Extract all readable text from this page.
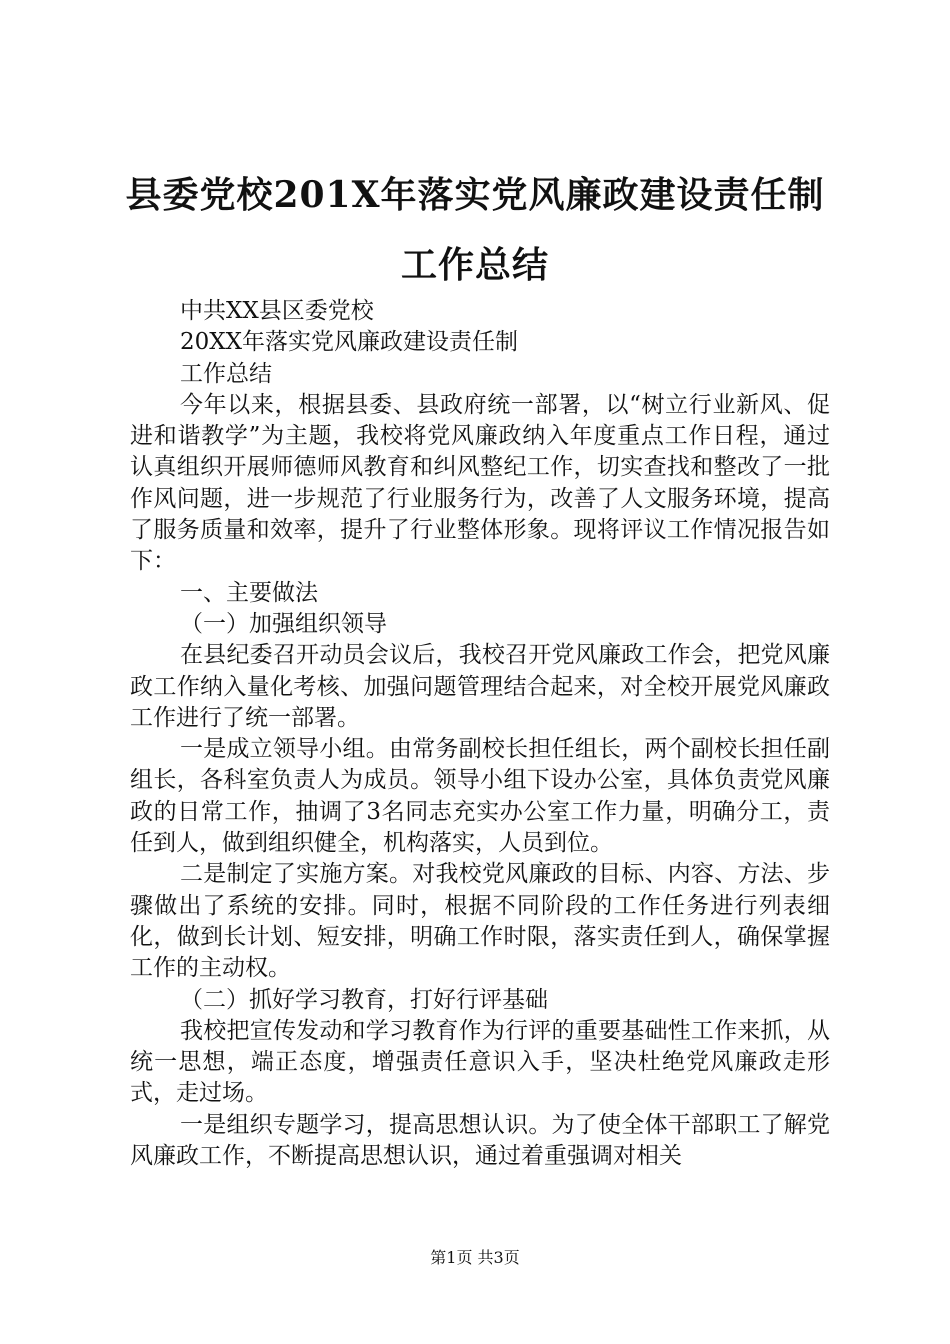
县委党校201X年落实党风廉政建设责任制工作总结

中共XX县区委党校

20XX年落实党风廉政建设责任制

工作总结

今年以来，根据县委、县政府统一部署，以“树立行业新风、促进和谐教学”为主题，我校将党风廉政纳入年度重点工作日程，通过认真组织开展师德师风教育和纠风整纪工作，切实查找和整改了一批作风问题，进一步规范了行业服务行为，改善了人文服务环境，提高了服务质量和效率，提升了行业整体形象。现将评议工作情况报告如下：

一、主要做法

（一）加强组织领导

在县纪委召开动员会议后，我校召开党风廉政工作会，把党风廉政工作纳入量化考核、加强问题管理结合起来，对全校开展党风廉政工作进行了统一部署。

一是成立领导小组。由常务副校长担任组长，两个副校长担任副组长，各科室负责人为成员。领导小组下设办公室，具体负责党风廉政的日常工作，抽调了3名同志充实办公室工作力量，明确分工，责任到人，做到组织健全，机构落实，人员到位。

二是制定了实施方案。对我校党风廉政的目标、内容、方法、步骤做出了系统的安排。同时，根据不同阶段的工作任务进行列表细化，做到长计划、短安排，明确工作时限，落实责任到人，确保掌握工作的主动权。

（二）抓好学习教育，打好行评基础

我校把宣传发动和学习教育作为行评的重要基础性工作来抓，从统一思想，端正态度，增强责任意识入手，坚决杜绝党风廉政走形式，走过场。

一是组织专题学习，提高思想认识。为了使全体干部职工了解党风廉政工作，不断提高思想认识，通过着重强调对相关

第1页 共3页
